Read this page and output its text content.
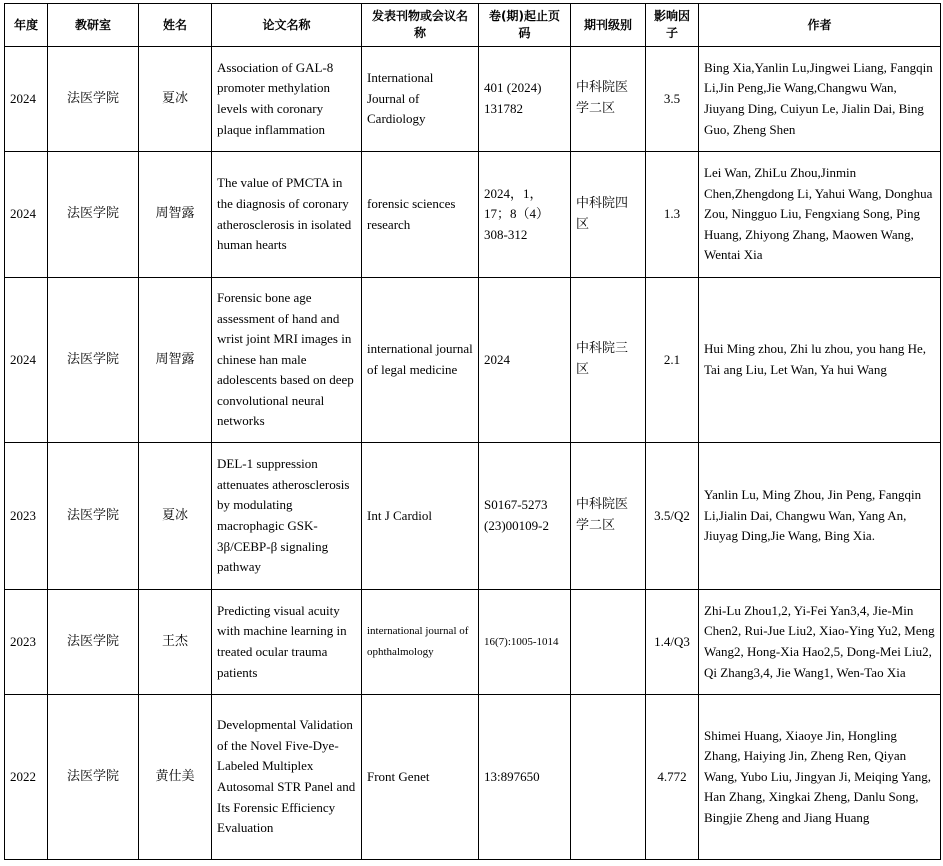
年度	教研室	姓名	论文名称	发表刊物或会议名称	卷(期)起止页码	期刊级别	影响因子	作者
2024	法医学院	夏冰	Association of GAL-8 promoter methylation levels with coronary plaque inflammation	International Journal of Cardiology	401 (2024) 131782	中科院医学二区	3.5	Bing Xia,Yanlin Lu,Jingwei Liang, Fangqin Li,Jin Peng,Jie Wang,Changwu Wan, Jiuyang Ding, Cuiyun Le, Jialin Dai, Bing Guo, Zheng Shen
2024	法医学院	周智露	The value of PMCTA in the diagnosis of coronary atherosclerosis in isolated human hearts	forensic sciences research	2024，1，17；8（4）308-312	中科院四区	1.3	Lei Wan, ZhiLu Zhou,Jinmin Chen,Zhengdong Li, Yahui Wang, Donghua Zou, Ningguo Liu, Fengxiang Song, Ping Huang, Zhiyong Zhang, Maowen Wang, Wentai Xia
2024	法医学院	周智露	Forensic bone age assessment of hand and wrist joint MRI images in chinese han male adolescents based on deep convolutional neural networks	international journal of legal medicine	2024	中科院三区	2.1	Hui Ming zhou, Zhi lu zhou, you hang He, Tai ang Liu, Let Wan, Ya hui Wang
2023	法医学院	夏冰	DEL-1 suppression attenuates atherosclerosis by modulating macrophagic GSK-3β/CEBP-β signaling pathway	Int J Cardiol	S0167-5273 (23)00109-2	中科院医学二区	3.5/Q2	Yanlin Lu, Ming Zhou, Jin Peng, Fangqin Li,Jialin Dai, Changwu Wan, Yang An, Jiuyag Ding,Jie Wang, Bing Xia.
2023	法医学院	王杰	Predicting visual acuity with machine learning in treated ocular trauma patients	international journal of ophthalmology	16(7):1005-1014		1.4/Q3	Zhi-Lu Zhou1,2, Yi-Fei Yan3,4, Jie-Min Chen2, Rui-Jue Liu2, Xiao-Ying Yu2, Meng Wang2, Hong-Xia Hao2,5, Dong-Mei Liu2, Qi Zhang3,4, Jie Wang1, Wen-Tao Xia
2022	法医学院	黄仕美	Developmental Validation of the Novel Five-Dye-Labeled Multiplex Autosomal STR Panel and Its Forensic Efficiency Evaluation	Front Genet	13:897650		4.772	Shimei Huang, Xiaoye Jin, Hongling Zhang, Haiying Jin, Zheng Ren, Qiyan Wang, Yubo Liu, Jingyan Ji, Meiqing Yang, Han Zhang, Xingkai Zheng, Danlu Song, Bingjie Zheng and Jiang Huang
